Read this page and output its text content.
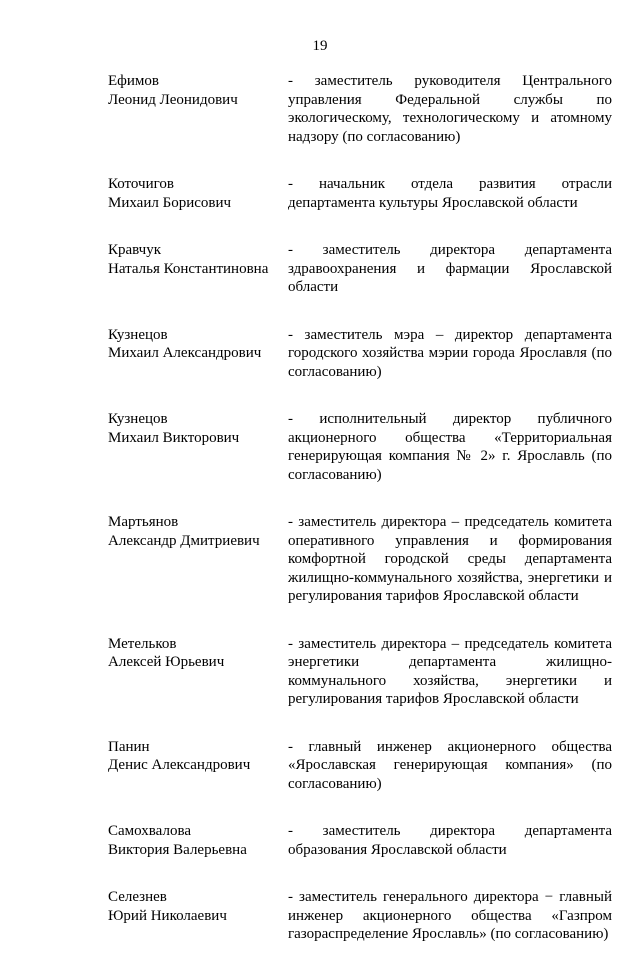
19
Ефимов
Леонид Леонидович
- заместитель руководителя Центрального управления Федеральной службы по экологическому, технологическому и атомному надзору (по согласованию)
Коточигов
Михаил Борисович
- начальник отдела развития отрасли департамента культуры Ярославской области
Кравчук
Наталья Константиновна
- заместитель директора департамента здравоохранения и фармации Ярославской области
Кузнецов
Михаил Александрович
- заместитель мэра – директор департамента городского хозяйства мэрии города Ярославля (по согласованию)
Кузнецов
Михаил Викторович
- исполнительный директор публичного акционерного общества «Территориальная генерирующая компания № 2» г. Ярославль (по согласованию)
Мартьянов
Александр Дмитриевич
- заместитель директора – председатель комитета оперативного управления и формирования комфортной городской среды департамента жилищно-коммунального хозяйства, энергетики и регулирования тарифов Ярославской области
Метельков
Алексей Юрьевич
- заместитель директора – председатель комитета энергетики департамента жилищно-коммунального хозяйства, энергетики и регулирования тарифов Ярославской области
Панин
Денис Александрович
- главный инженер акционерного общества «Ярославская генерирующая компания» (по согласованию)
Самохвалова
Виктория Валерьевна
- заместитель директора департамента образования Ярославской области
Селезнев
Юрий Николаевич
- заместитель генерального директора − главный инженер акционерного общества «Газпром газораспределение Ярославль» (по согласованию)
